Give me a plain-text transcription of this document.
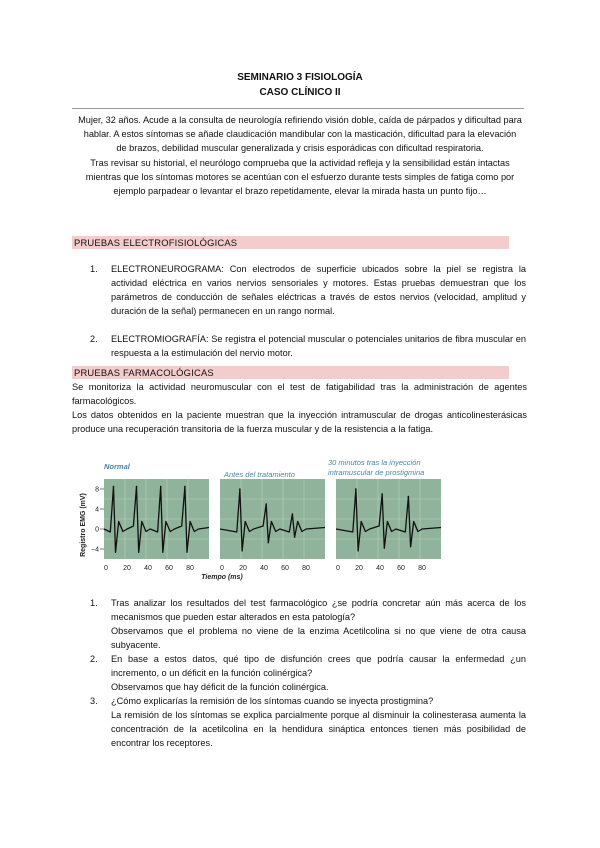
SEMINARIO 3 FISIOLOGÍA
CASO CLÍNICO II

Mujer, 32 años. Acude a la consulta de neurología refiriendo visión doble, caída de párpados y dificultad para hablar. A estos síntomas se añade claudicación mandibular con la masticación, dificultad para la elevación de brazos, debilidad muscular generalizada y crisis esporádicas con dificultad respiratoria.

Tras revisar su historial, el neurólogo comprueba que la actividad refleja y la sensibilidad están intactas mientras que los síntomas motores se acentúan con el esfuerzo durante tests simples de fatiga como por ejemplo parpadear o levantar el brazo repetidamente, elevar la mirada hasta un punto fijo…

PRUEBAS ELECTROFISIOLÓGICAS
1. ELECTRONEUROGRAMA: Con electrodos de superficie ubicados sobre la piel se registra la actividad eléctrica en varios nervios sensoriales y motores. Estas pruebas demuestran que los parámetros de conducción de señales eléctricas a través de estos nervios (velocidad, amplitud y duración de la señal) permanecen en un rango normal.
2. ELECTROMIOGRAFÍA: Se registra el potencial muscular o potenciales unitarios de fibra muscular en respuesta a la estimulación del nervio motor.
PRUEBAS FARMACOLÓGICAS

Se monitoriza la actividad neuromuscular con el test de fatigabilidad tras la administración de agentes farmacológicos.

Los datos obtenidos en la paciente muestran que la inyección intramuscular de drogas anticolinesterásicas produce una recuperación transitoria de la fuerza muscular y de la resistencia a la fatiga.

Registro EMG (mV)
8
4
0
−4
Normal
Antes del tratamiento
30 minutos tras la inyección
intramuscular de prostigmina
0 20 40 60 80	0 20 40 60 80	0 20 40 60 80
Tiempo (ms)
1. Tras analizar los resultados del test farmacológico ¿se podría concretar aún más acerca de los mecanismos que pueden estar alterados en esta patología?
Observamos que el problema no viene de la enzima Acetilcolina si no que viene de otra causa subyacente.
2. En base a estos datos, qué tipo de disfunción crees que podría causar la enfermedad ¿un incremento, o un déficit en la función colinérgica?
Observamos que hay déficit de la función colinérgica.
3. ¿Cómo explicarías la remisión de los síntomas cuando se inyecta prostigmina?
La remisión de los síntomas se explica parcialmente porque al disminuir la colinesterasa aumenta la concentración de la acetilcolina en la hendidura sináptica entonces tienen más posibilidad de encontrar los receptores.
